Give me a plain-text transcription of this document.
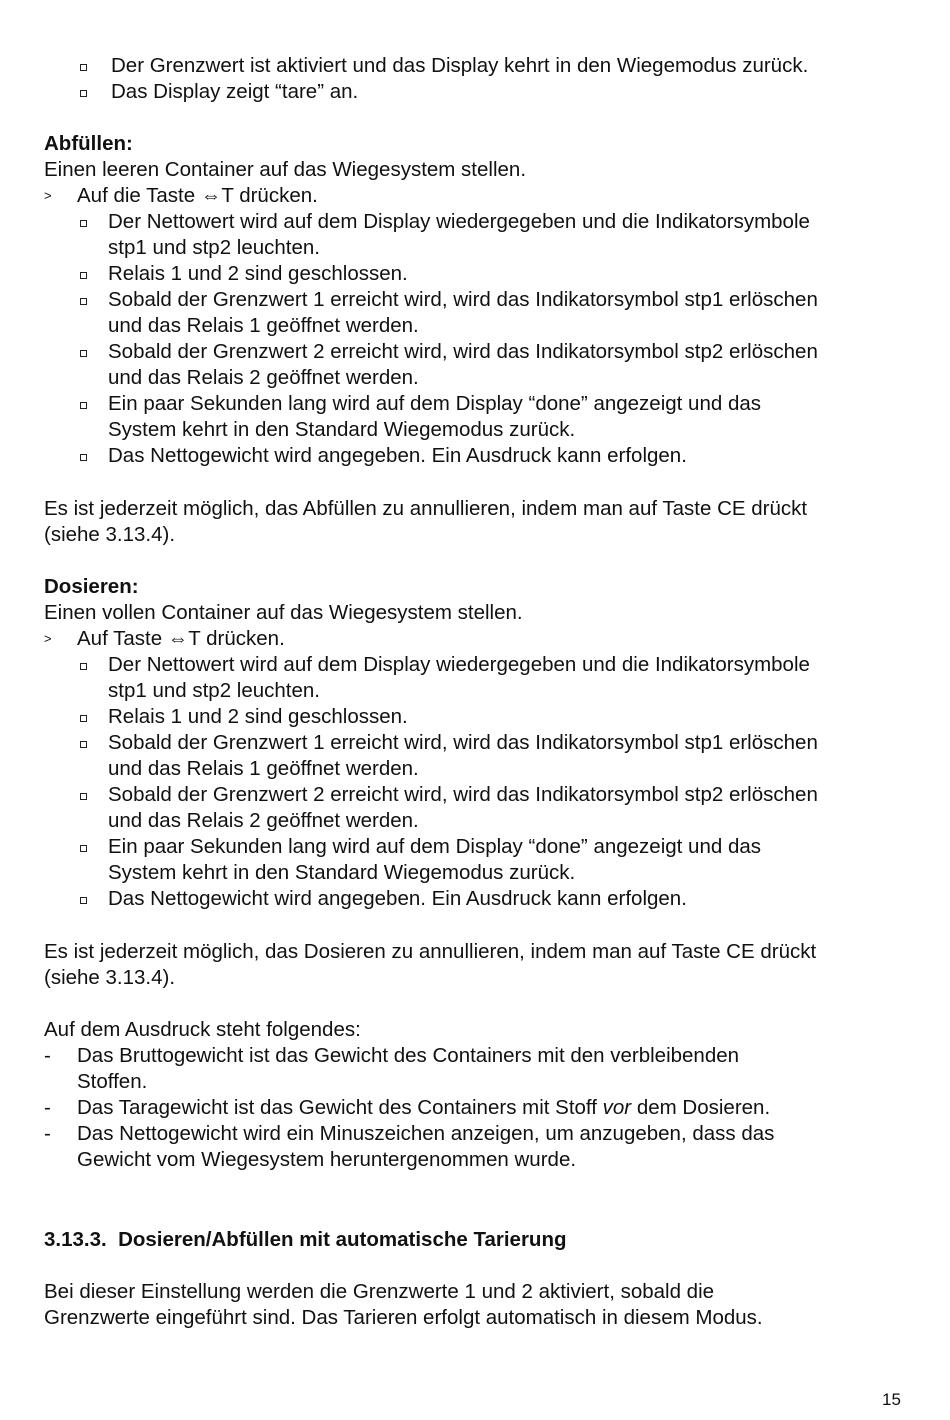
Der Grenzwert ist aktiviert und das Display kehrt in den Wiegemodus zurück.
Das Display zeigt “tare” an.
Abfüllen:
Einen leeren Container auf das Wiegesystem stellen.
> Auf die Taste ⇔T drücken.
Der Nettowert wird auf dem Display wiedergegeben und die Indikatorsymbole
stp1 und stp2 leuchten.
Relais 1 und 2 sind geschlossen.
Sobald der Grenzwert 1 erreicht wird, wird das Indikatorsymbol stp1 erlöschen
und das Relais 1 geöffnet werden.
Sobald der Grenzwert 2 erreicht wird, wird das Indikatorsymbol stp2 erlöschen
und das Relais 2 geöffnet werden.
Ein paar Sekunden lang wird auf dem Display “done” angezeigt und das
System kehrt in den Standard Wiegemodus zurück.
Das Nettogewicht wird angegeben. Ein Ausdruck kann erfolgen.
Es ist jederzeit möglich, das Abfüllen zu annullieren, indem man auf Taste CE drückt
(siehe 3.13.4).
Dosieren:
Einen vollen Container auf das Wiegesystem stellen.
> Auf Taste ⇔T drücken.
Der Nettowert wird auf dem Display wiedergegeben und die Indikatorsymbole
stp1 und stp2 leuchten.
Relais 1 und 2 sind geschlossen.
Sobald der Grenzwert 1 erreicht wird, wird das Indikatorsymbol stp1 erlöschen
und das Relais 1 geöffnet werden.
Sobald der Grenzwert 2 erreicht wird, wird das Indikatorsymbol stp2 erlöschen
und das Relais 2 geöffnet werden.
Ein paar Sekunden lang wird auf dem Display “done” angezeigt und das
System kehrt in den Standard Wiegemodus zurück.
Das Nettogewicht wird angegeben. Ein Ausdruck kann erfolgen.
Es ist jederzeit möglich, das Dosieren zu annullieren, indem man auf Taste CE drückt
(siehe 3.13.4).
Auf dem Ausdruck steht folgendes:
- Das Bruttogewicht ist das Gewicht des Containers mit den verbleibenden
Stoffen.
- Das Taragewicht ist das Gewicht des Containers mit Stoff vor dem Dosieren.
- Das Nettogewicht wird ein Minuszeichen anzeigen, um anzugeben, dass das
Gewicht vom Wiegesystem heruntergenommen wurde.
3.13.3.  Dosieren/Abfüllen mit automatische Tarierung
Bei dieser Einstellung werden die Grenzwerte 1 und 2 aktiviert, sobald die
Grenzwerte eingeführt sind. Das Tarieren erfolgt automatisch in diesem Modus.
15
